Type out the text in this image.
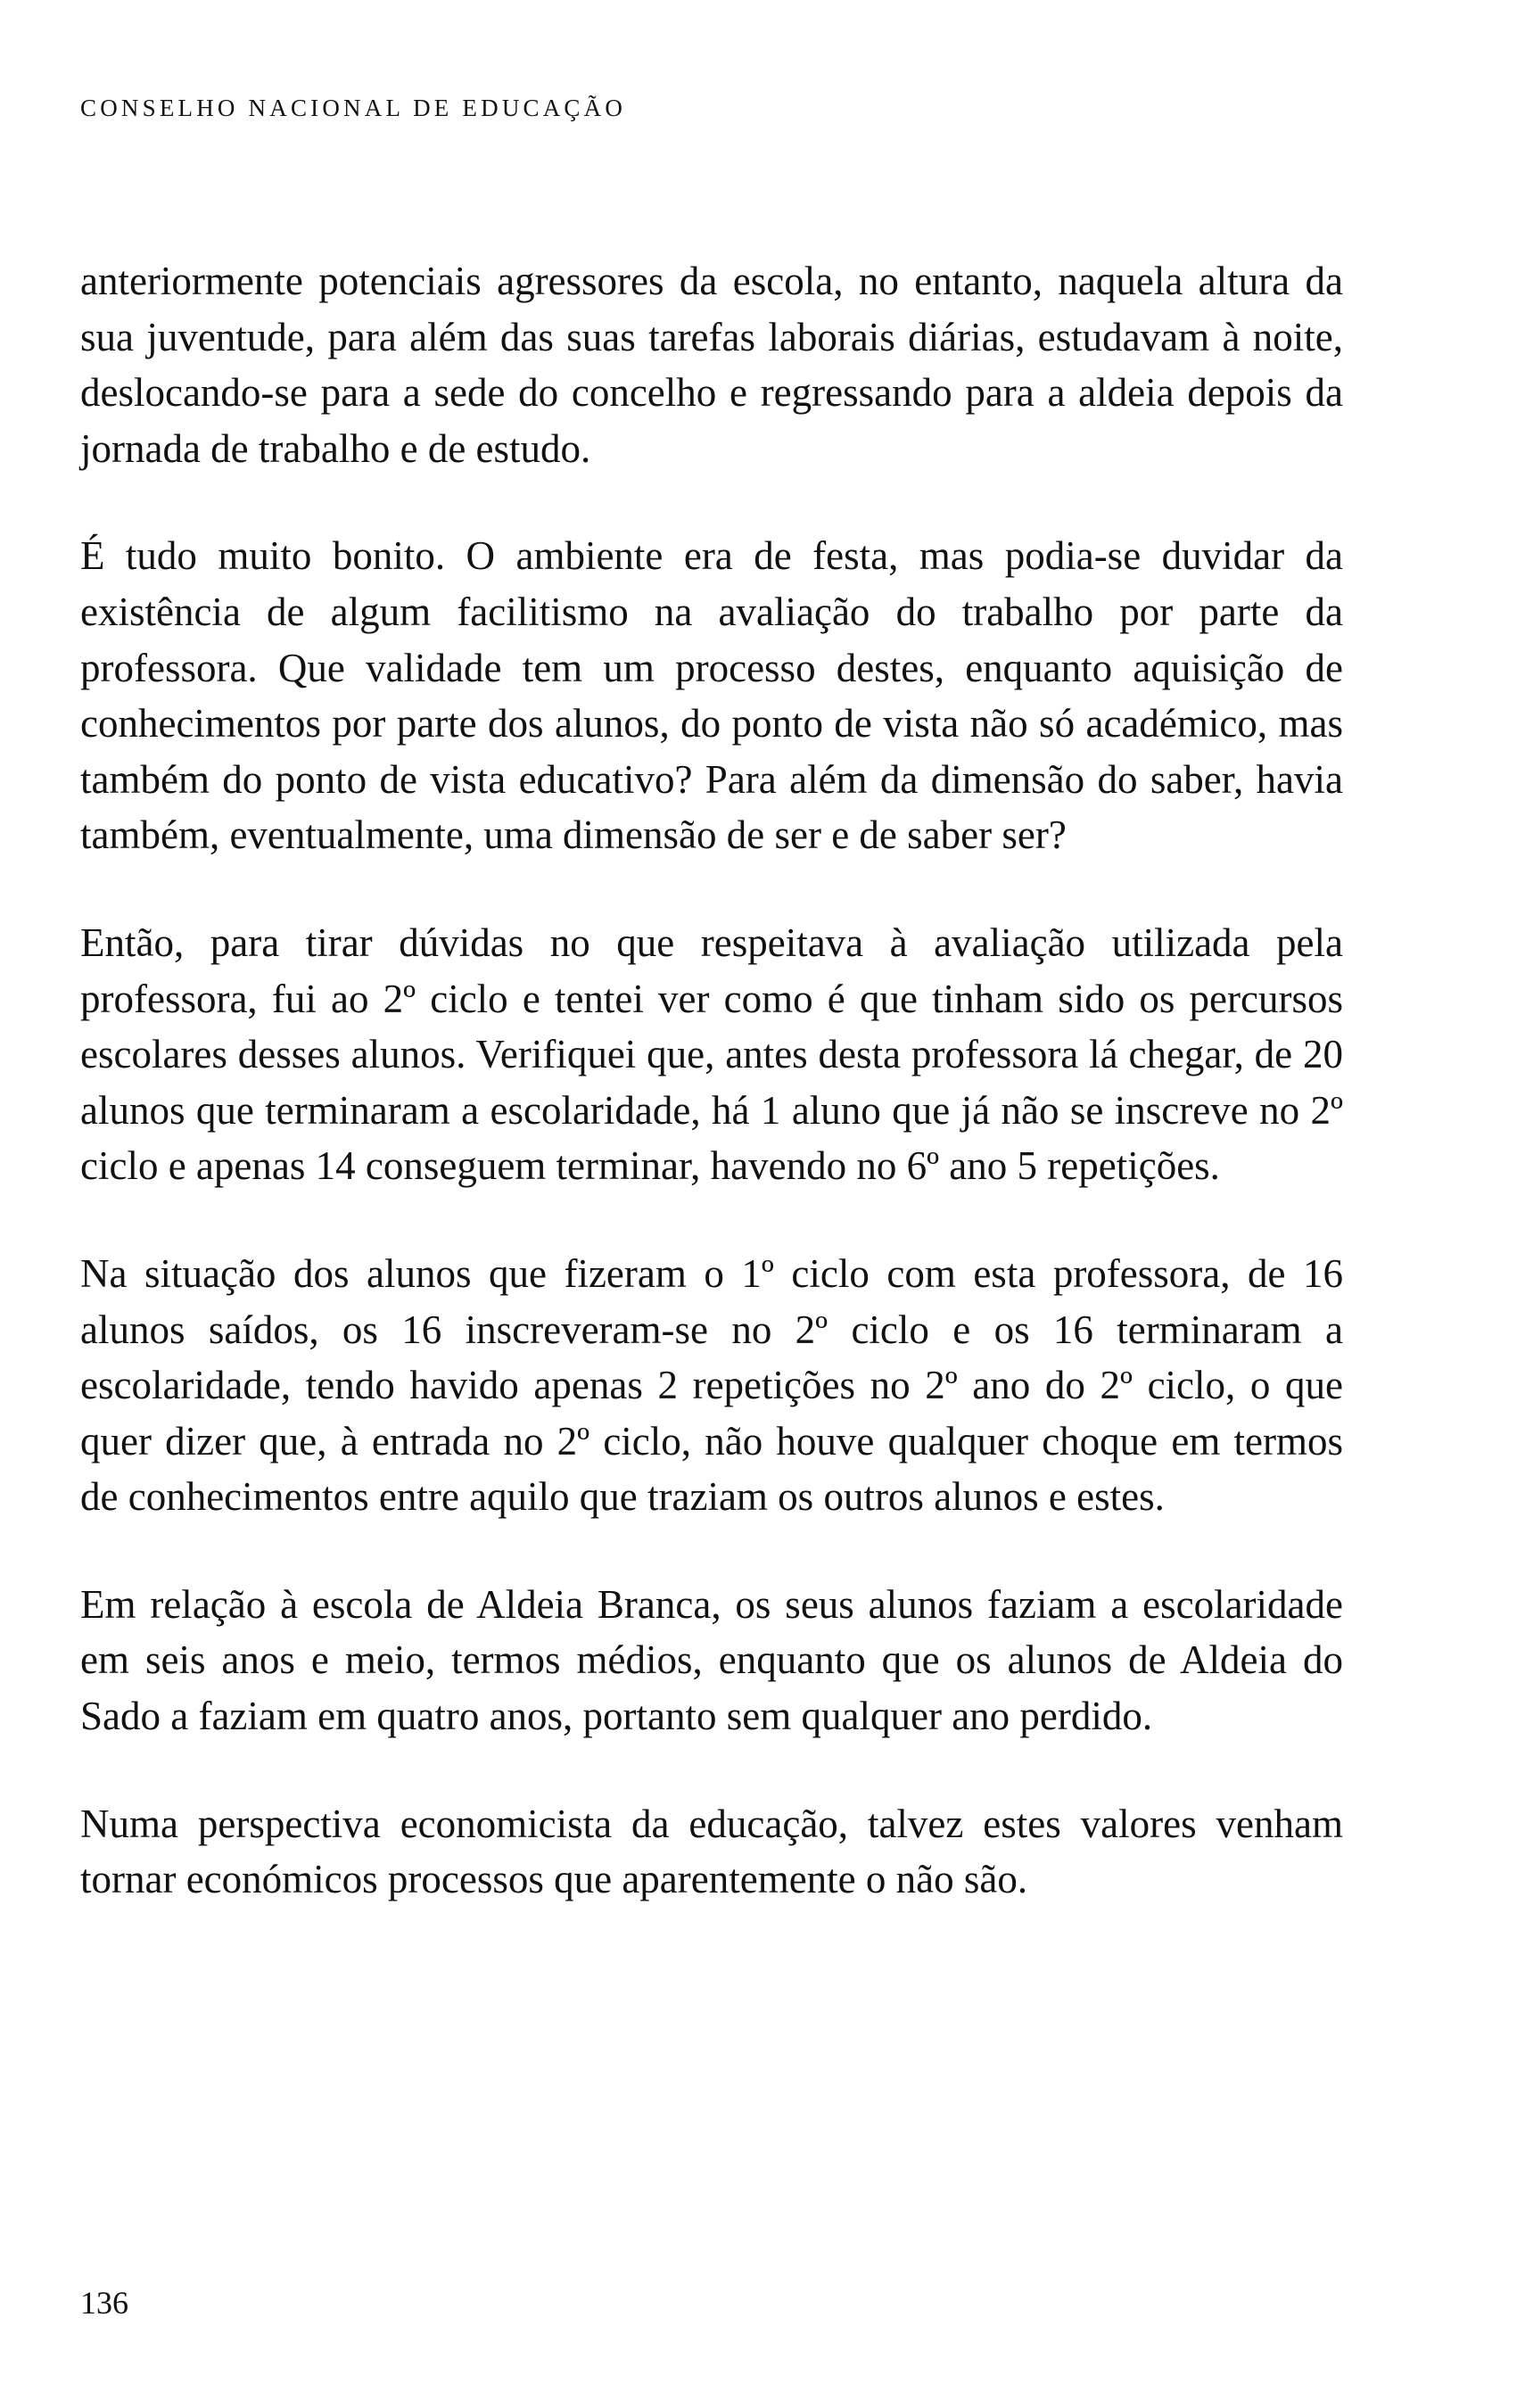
CONSELHO NACIONAL DE EDUCAÇÃO

anteriormente potenciais agressores da escola, no entanto, naquela altura da sua juventude, para além das suas tarefas laborais diárias, estudavam à noite, deslocando-se para a sede do concelho e regressando para a aldeia depois da jornada de trabalho e de estudo.

É tudo muito bonito. O ambiente era de festa, mas podia-se duvidar da existência de algum facilitismo na avaliação do trabalho por parte da professora. Que validade tem um processo destes, enquanto aquisição de conhecimentos por parte dos alunos, do ponto de vista não só académico, mas também do ponto de vista educativo? Para além da dimensão do saber, havia também, eventualmente, uma dimensão de ser e de saber ser?

Então, para tirar dúvidas no que respeitava à avaliação utilizada pela professora, fui ao 2º ciclo e tentei ver como é que tinham sido os percursos escolares desses alunos. Verifiquei que, antes desta professora lá chegar, de 20 alunos que terminaram a escolaridade, há 1 aluno que já não se inscreve no 2º ciclo e apenas 14 conseguem terminar, havendo no 6º ano 5 repetições.

Na situação dos alunos que fizeram o 1º ciclo com esta professora, de 16 alunos saídos, os 16 inscreveram-se no 2º ciclo e os 16 terminaram a escolaridade, tendo havido apenas 2 repetições no 2º ano do 2º ciclo, o que quer dizer que, à entrada no 2º ciclo, não houve qualquer choque em termos de conhecimentos entre aquilo que traziam os outros alunos e estes.

Em relação à escola de Aldeia Branca, os seus alunos faziam a escolaridade em seis anos e meio, termos médios, enquanto que os alunos de Aldeia do Sado a faziam em quatro anos, portanto sem qualquer ano perdido.

Numa perspectiva economicista da educação, talvez estes valores venham tornar económicos processos que aparentemente o não são.

136
